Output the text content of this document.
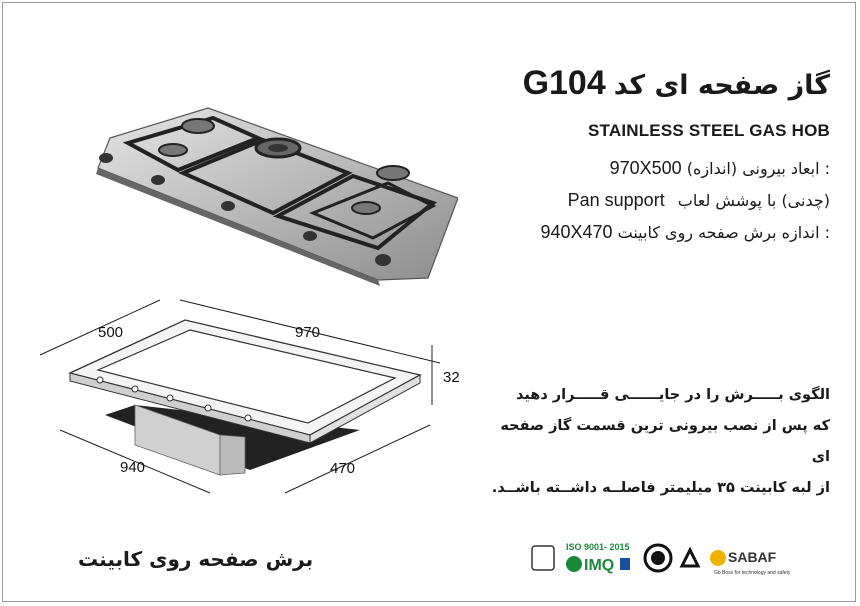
گاز صفحه ای کد
G104
STAINLESS STEEL GAS HOB
: ابعاد بیرونی (اندازه) 970X500
(چدنی) با پوشش لعاب Pan support
: اندازه برش صفحه روی کابینت 940X470
500	970
32
940	470
الگوی بـــــرش را در جایــــــی قـــــرار دهید
که پس از نصب بیرونی ترین قسمت گاز صفحه ای
از لبه کابینت ۳۵ میلیمتر فاصلــه داشــته باشــد.
برش صفحه روی کابینت	ISO 9001- 2015
IMQ	SABAF
Gb Boss for technology and safety
